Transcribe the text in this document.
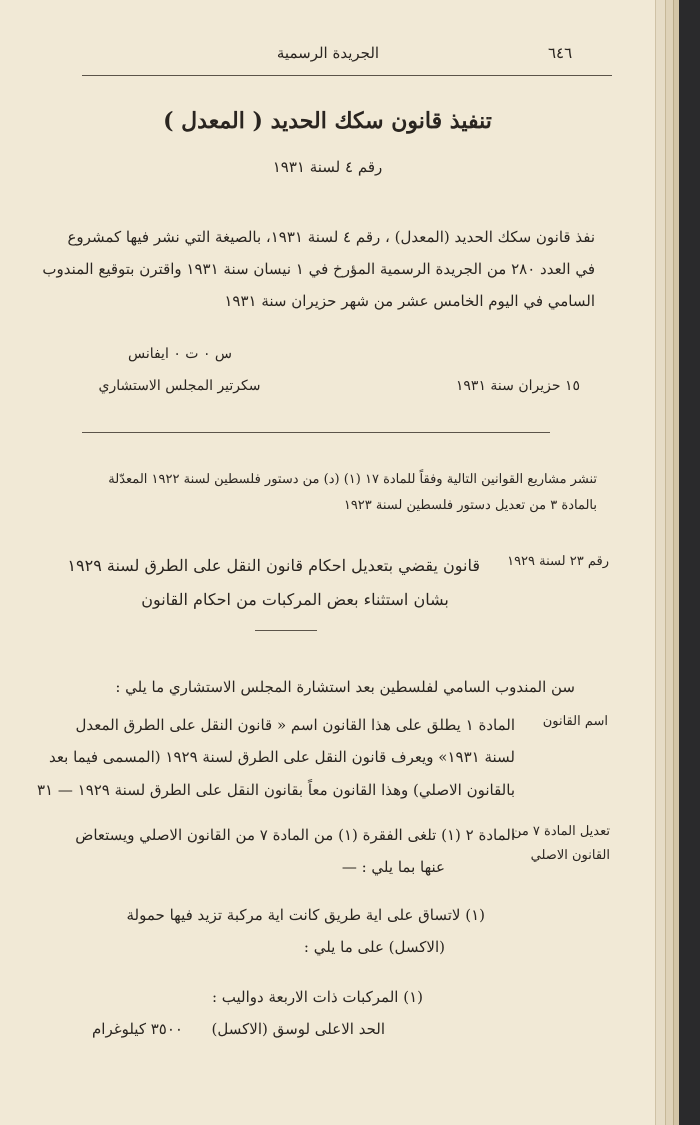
٦٤٦
الجريدة الرسمية
تنفيذ قانون سكك الحديد ( المعدل )
رقم ٤ لسنة ١٩٣١
نفذ قانون سكك الحديد (المعدل) ، رقم ٤ لسنة ١٩٣١، بالصيغة التي نشر فيها كمشروع
في العدد ٢٨٠ من الجريدة الرسمية المؤرخ في ١ نيسان سنة ١٩٣١ واقترن بتوقيع المندوب
السامي في اليوم الخامس عشر من شهر حزيران سنة ١٩٣١
س ٠ ت ٠ ايفانس
سكرتير المجلس الاستشاري	١٥ حزيران سنة ١٩٣١
تنشر مشاريع القوانين التالية وفقاً للمادة ١٧ (١) (د) من دستور فلسطين لسنة ١٩٢٢ المعدّلة
بالمادة ٣ من تعديل دستور فلسطين لسنة ١٩٢٣
رقم ٢٣ لسنة ١٩٢٩
قانون يقضي بتعديل احكام قانون النقل على الطرق لسنة ١٩٢٩
بشان استثناء بعض المركبات من احكام القانون
سن المندوب السامي لفلسطين بعد استشارة المجلس الاستشاري ما يلي :
اسم القانون
المادة ١ يطلق على هذا القانون اسم « قانون النقل على الطرق المعدل
لسنة ١٩٣١» ويعرف قانون النقل على الطرق لسنة ١٩٢٩ (المسمى فيما بعد
بالقانون الاصلي) وهذا القانون معاً بقانون النقل على الطرق لسنة ١٩٢٩ — ٣١
تعديل المادة ٧ من
القانون الاصلي
المادة ٢ (١) تلغى الفقرة (١) من المادة ٧ من القانون الاصلي ويستعاض
عنها بما يلي : —
(١) لاتساق على اية طريق كانت اية مركبة تزيد فيها حمولة
(الاكسل) على ما يلي :
(١) المركبات ذات الاربعة دواليب :
الحد الاعلى لوسق (الاكسل)
٣٥٠٠ كيلوغرام
